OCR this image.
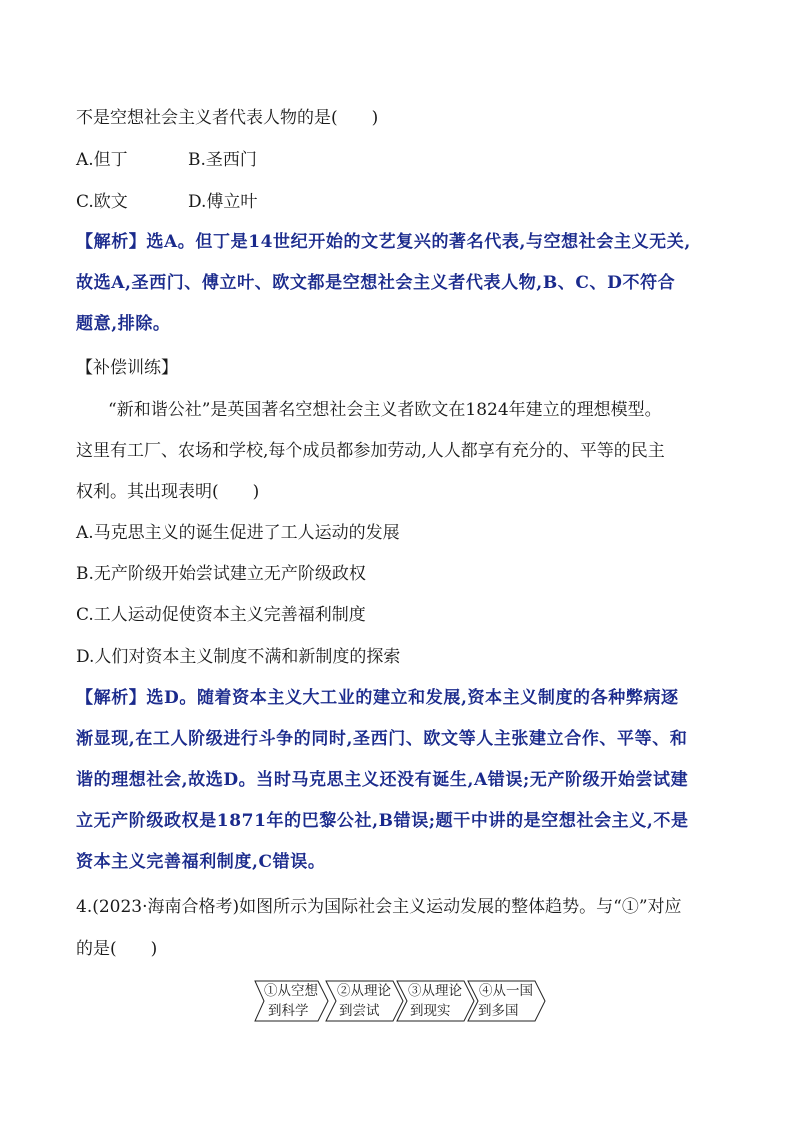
不是空想社会主义者代表人物的是(　　)
A.但丁	B.圣西门
C.欧文	D.傅立叶
【解析】选A。但丁是14世纪开始的文艺复兴的著名代表,与空想社会主义无关,
故选A,圣西门、傅立叶、欧文都是空想社会主义者代表人物,B、C、D不符合
题意,排除。
【补偿训练】
“新和谐公社”是英国著名空想社会主义者欧文在1824年建立的理想模型。
这里有工厂、农场和学校,每个成员都参加劳动,人人都享有充分的、平等的民主
权利。其出现表明(　　)
A.马克思主义的诞生促进了工人运动的发展
B.无产阶级开始尝试建立无产阶级政权
C.工人运动促使资本主义完善福利制度
D.人们对资本主义制度不满和新制度的探索
【解析】选D。随着资本主义大工业的建立和发展,资本主义制度的各种弊病逐
渐显现,在工人阶级进行斗争的同时,圣西门、欧文等人主张建立合作、平等、和
谐的理想社会,故选D。当时马克思主义还没有诞生,A错误;无产阶级开始尝试建
立无产阶级政权是1871年的巴黎公社,B错误;题干中讲的是空想社会主义,不是
资本主义完善福利制度,C错误。
4.(2023·海南合格考)如图所示为国际社会主义运动发展的整体趋势。与“①”对应
的是(　　)
①从空想
到科学
②从理论
到尝试
③从理论
到现实
④从一国
到多国
